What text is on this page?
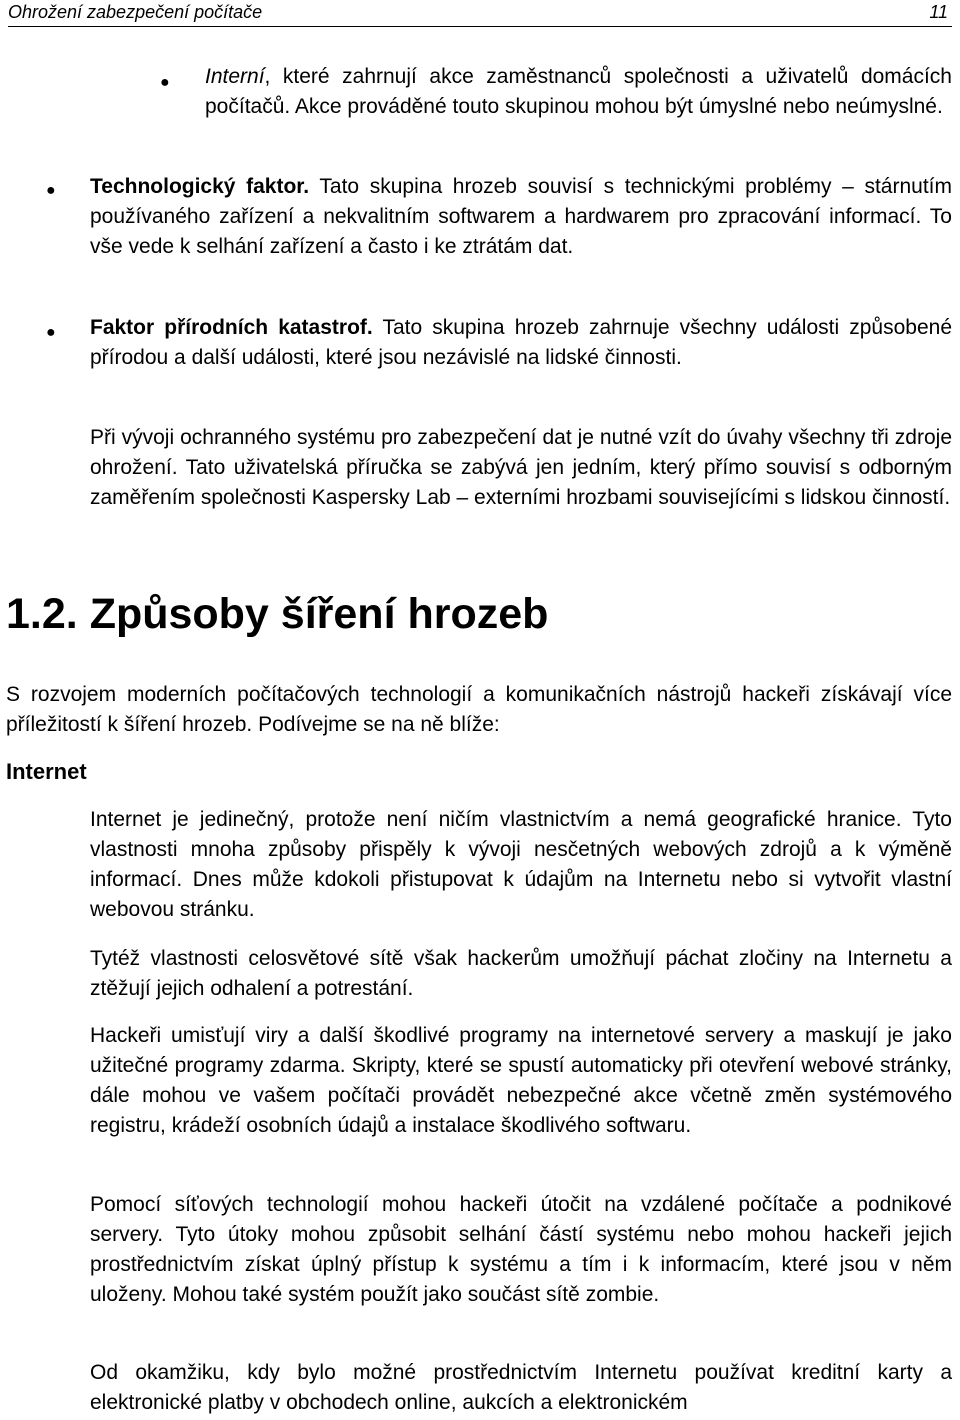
Ohrožení zabezpečení počítače	11
● Interní, které zahrnují akce zaměstnanců společnosti a uživatelů domácích počítačů. Akce prováděné touto skupinou mohou být úmyslné nebo neúmyslné.

● Technologický faktor. Tato skupina hrozeb souvisí s technickými problémy – stárnutím používaného zařízení a nekvalitním softwarem a hardwarem pro zpracování informací. To vše vede k selhání zařízení a často i ke ztrátám dat.

● Faktor přírodních katastrof. Tato skupina hrozeb zahrnuje všechny události způsobené přírodou a další události, které jsou nezávislé na lidské činnosti.

Při vývoji ochranného systému pro zabezpečení dat je nutné vzít do úvahy všechny tři zdroje ohrožení. Tato uživatelská příručka se zabývá jen jedním, který přímo souvisí s odborným zaměřením společnosti Kaspersky Lab – externími hrozbami souvisejícími s lidskou činností.

1.2. Způsoby šíření hrozeb

S rozvojem moderních počítačových technologií a komunikačních nástrojů hackeři získávají více příležitostí k šíření hrozeb. Podívejme se na ně blíže:

Internet

Internet je jedinečný, protože není ničím vlastnictvím a nemá geografické hranice. Tyto vlastnosti mnoha způsoby přispěly k vývoji nesčetných webových zdrojů a k výměně informací. Dnes může kdokoli přistupovat k údajům na Internetu nebo si vytvořit vlastní webovou stránku.

Tytéž vlastnosti celosvětové sítě však hackerům umožňují páchat zločiny na Internetu a ztěžují jejich odhalení a potrestání.

Hackeři umisťují viry a další škodlivé programy na internetové servery a maskují je jako užitečné programy zdarma. Skripty, které se spustí automaticky při otevření webové stránky, dále mohou ve vašem počítači provádět nebezpečné akce včetně změn systémového registru, krádeží osobních údajů a instalace škodlivého softwaru.

Pomocí síťových technologií mohou hackeři útočit na vzdálené počítače a podnikové servery. Tyto útoky mohou způsobit selhání částí systému nebo mohou hackeři jejich prostřednictvím získat úplný přístup k systému a tím i k informacím, které jsou v něm uloženy. Mohou také systém použít jako součást sítě zombie.

Od okamžiku, kdy bylo možné prostřednictvím Internetu používat kreditní karty a elektronické platby v obchodech online, aukcích a elektronickém
